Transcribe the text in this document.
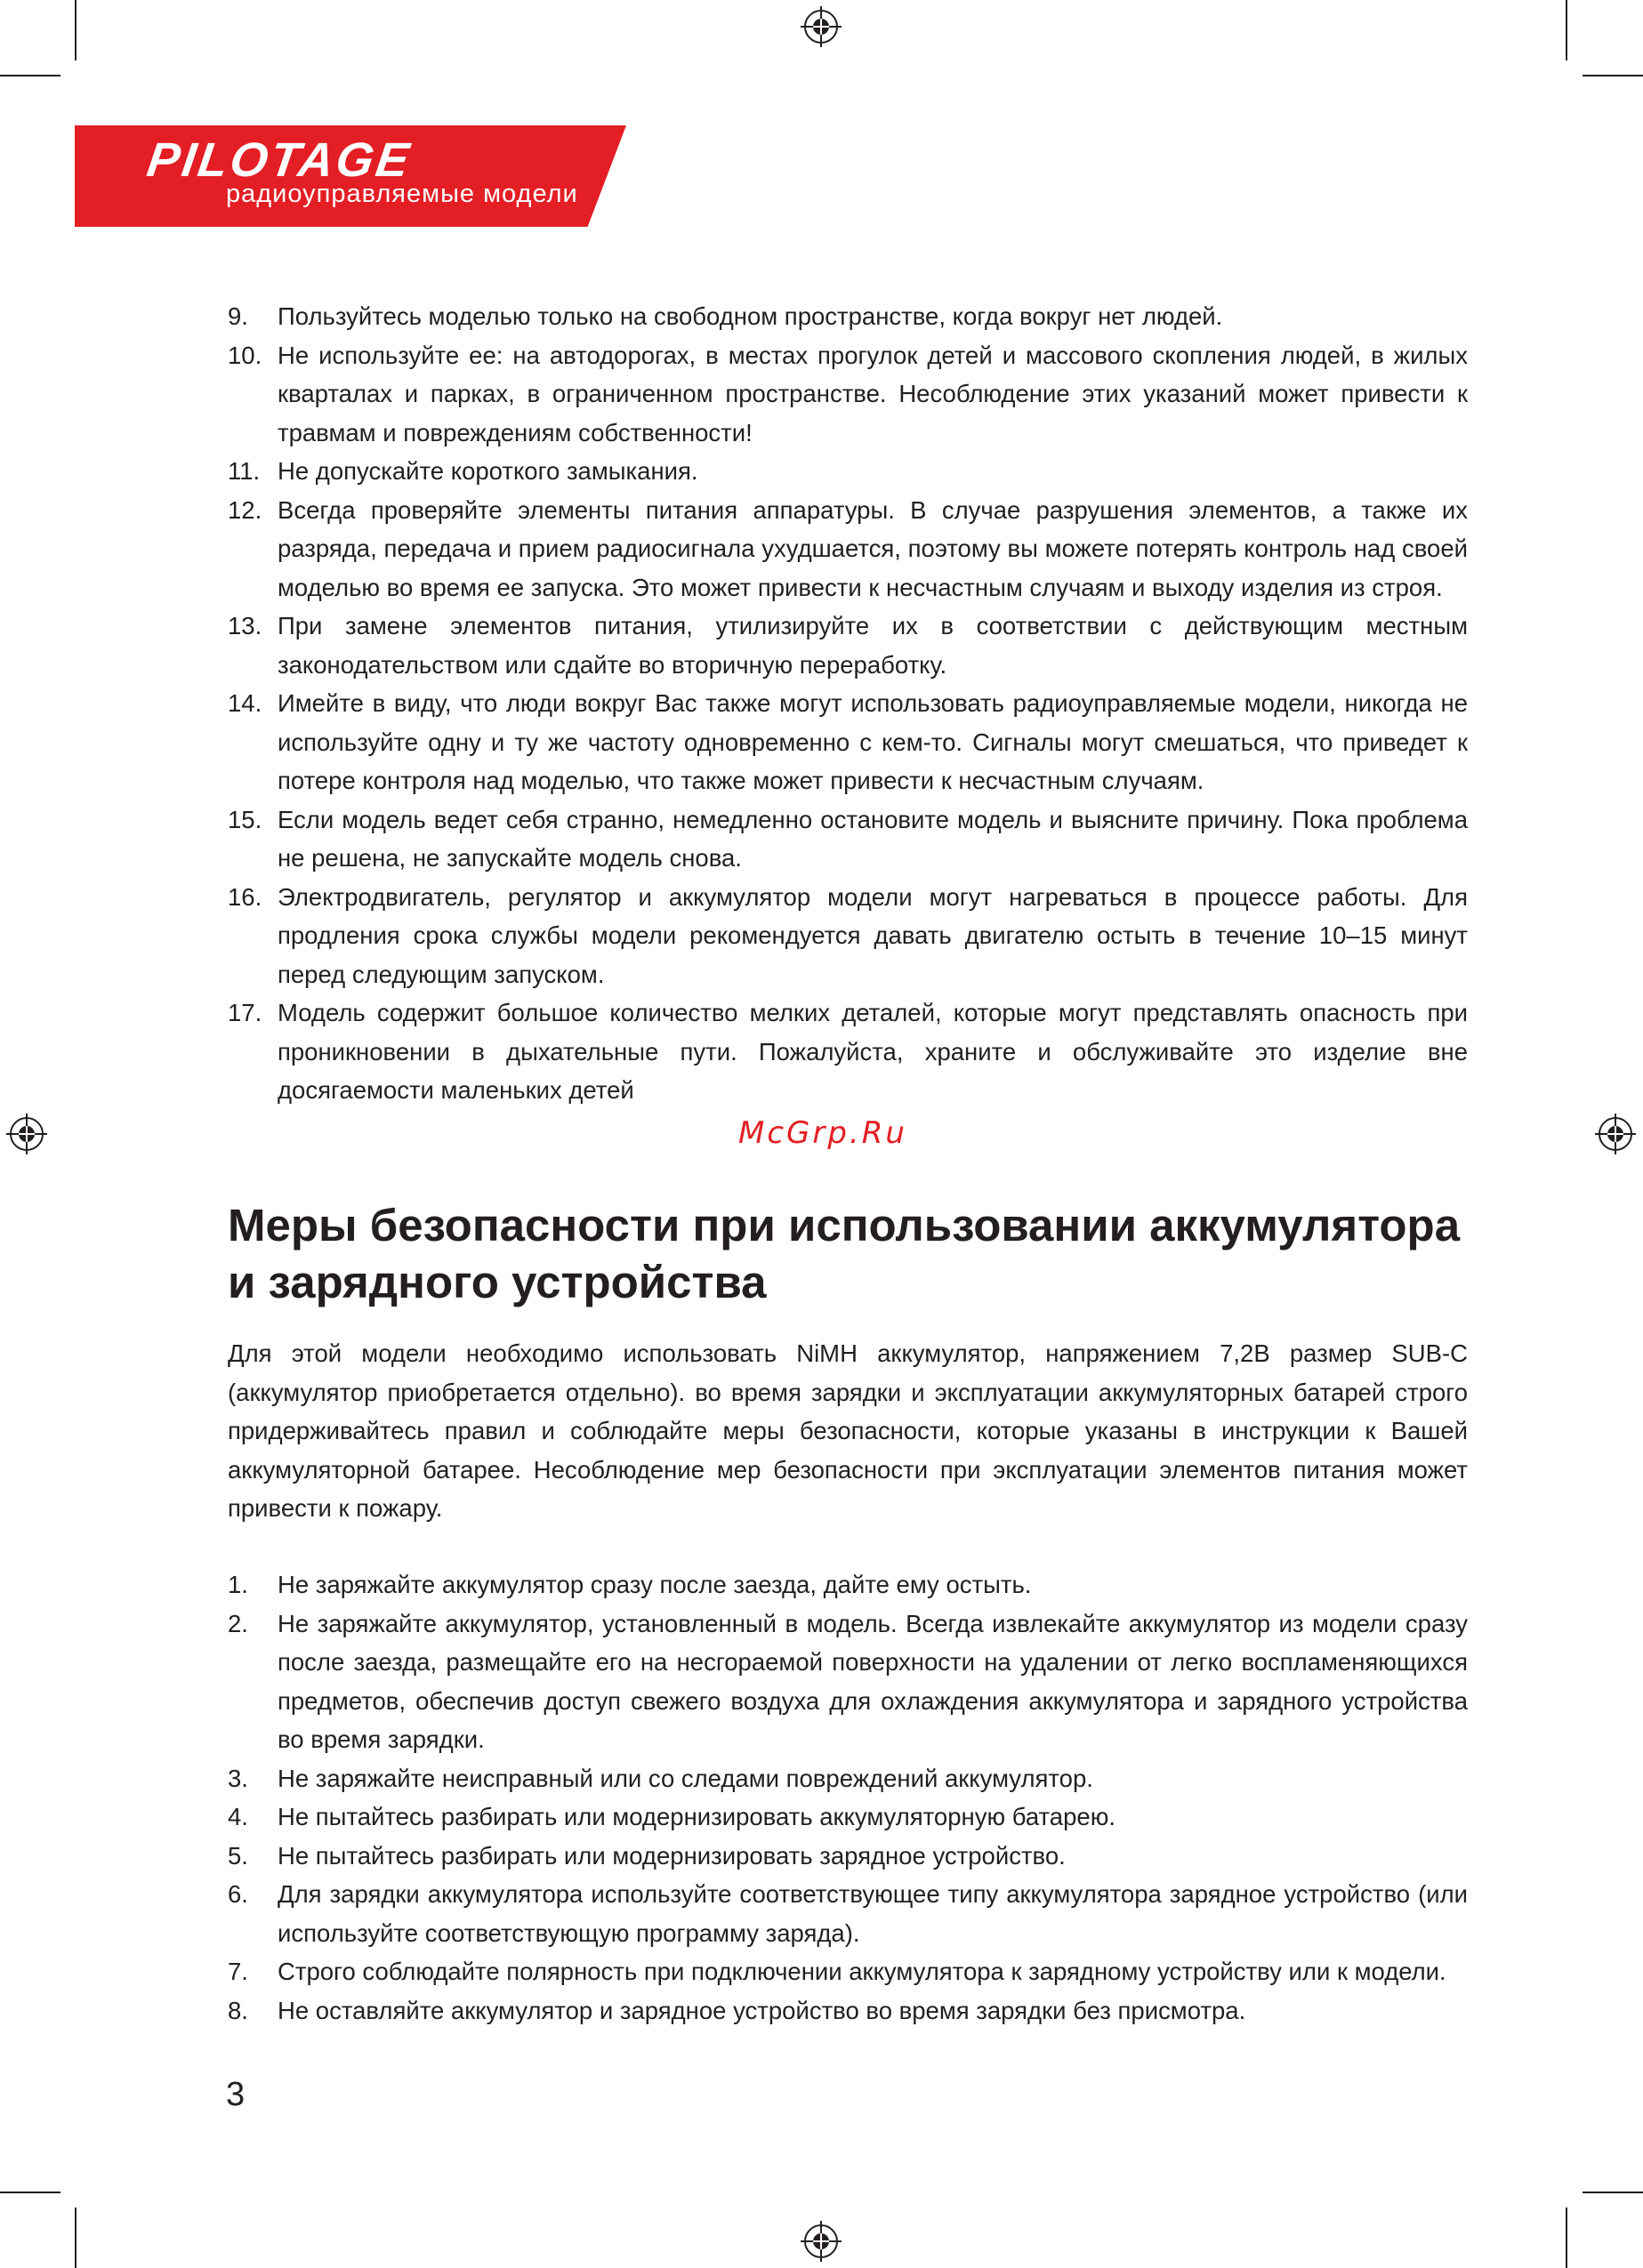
PILOTAGE
радиоуправляемые модели
9. Пользуйтесь моделью только на свободном пространстве, когда вокруг нет людей.
10. Не используйте ее: на автодорогах, в местах прогулок детей и массового скопления людей, в жилых кварталах и парках, в ограниченном пространстве. Несоблюдение этих указаний может привести к травмам и повреждениям собственности!
11. Не допускайте короткого замыкания.
12. Всегда проверяйте элементы питания аппаратуры. В случае разрушения элементов, а также их разряда, передача и прием радиосигнала ухудшается, поэтому вы можете потерять контроль над своей моделью во время ее запуска. Это может привести к несчастным случаям и выходу изделия из строя.
13. При замене элементов питания, утилизируйте их в соответствии с действующим местным законодательством или сдайте во вторичную переработку.
14. Имейте в виду, что люди вокруг Вас также могут использовать радиоуправляемые модели, никогда не используйте одну и ту же частоту одновременно с кем-то. Сигналы могут смешаться, что приведет к потере контроля над моделью, что также может привести к несчастным случаям.
15. Если модель ведет себя странно, немедленно остановите модель и выясните причину. Пока проблема не решена, не запускайте модель снова.
16. Электродвигатель, регулятор и аккумулятор модели могут нагреваться в процессе работы. Для продления срока службы модели рекомендуется давать двигателю остыть в течение 10–15 минут перед следующим запуском.
17. Модель содержит большое количество мелких деталей, которые могут представлять опасность при проникновении в дыхательные пути. Пожалуйста, храните и обслуживайте это изделие вне досягаемости маленьких детей
McGrp.Ru
Меры безопасности при использовании аккумулятора и зарядного устройства

Для этой модели необходимо использовать NiMH аккумулятор, напряжением 7,2В размер SUB-C (аккумулятор приобретается отдельно). во время зарядки и эксплуатации аккумуляторных батарей строго придерживайтесь правил и соблюдайте меры безопасности, которые указаны в инструкции к Вашей аккумуляторной батарее. Несоблюдение мер безопасности при эксплуатации элементов питания может привести к пожару.

1. Не заряжайте аккумулятор сразу после заезда, дайте ему остыть.
2. Не заряжайте аккумулятор, установленный в модель. Всегда извлекайте аккумулятор из модели сразу после заезда, размещайте его на несгораемой поверхности на удалении от легко воспламеняющихся предметов, обеспечив доступ свежего воздуха для охлаждения аккумулятора и зарядного устройства во время зарядки.
3. Не заряжайте неисправный или со следами повреждений аккумулятор.
4. Не пытайтесь разбирать или модернизировать аккумуляторную батарею.
5. Не пытайтесь разбирать или модернизировать зарядное устройство.
6. Для зарядки аккумулятора используйте соответствующее типу аккумулятора зарядное устройство (или используйте соответствующую программу заряда).
7. Строго соблюдайте полярность при подключении аккумулятора к зарядному устройству или к модели.
8. Не оставляйте аккумулятор и зарядное устройство во время зарядки без присмотра.
3
